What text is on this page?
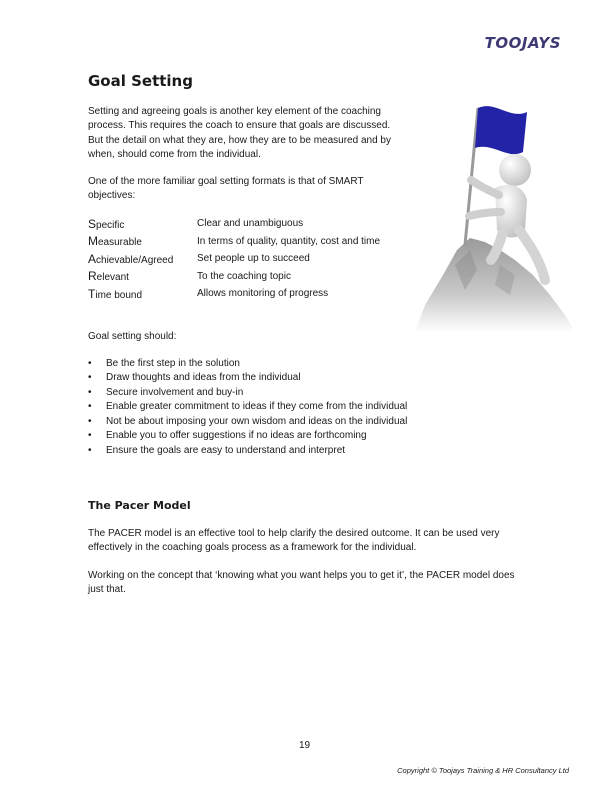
TOOJAYS
Goal Setting

Setting and agreeing goals is another key element of the coaching process. This requires the coach to ensure that goals are discussed. But the detail on what they are, how they are to be measured and by when, should come from the individual.

One of the more familiar goal setting formats is that of SMART objectives:

Specific	Clear and unambiguous
Measurable	In terms of quality, quantity, cost and time
Achievable/Agreed	Set people up to succeed
Relevant	To the coaching topic
Time bound	Allows monitoring of progress

Goal setting should:

•	Be the first step in the solution
•	Draw thoughts and ideas from the individual
•	Secure involvement and buy-in
•	Enable greater commitment to ideas if they come from the individual
•	Not be about imposing your own wisdom and ideas on the individual
•	Enable you to offer suggestions if no ideas are forthcoming
•	Ensure the goals are easy to understand and interpret
The Pacer Model

The PACER model is an effective tool to help clarify the desired outcome. It can be used very effectively in the coaching goals process as a framework for the individual.

Working on the concept that ‘knowing what you want helps you to get it’, the PACER model does just that.

19
Copyright © Toojays Training & HR Consultancy Ltd
